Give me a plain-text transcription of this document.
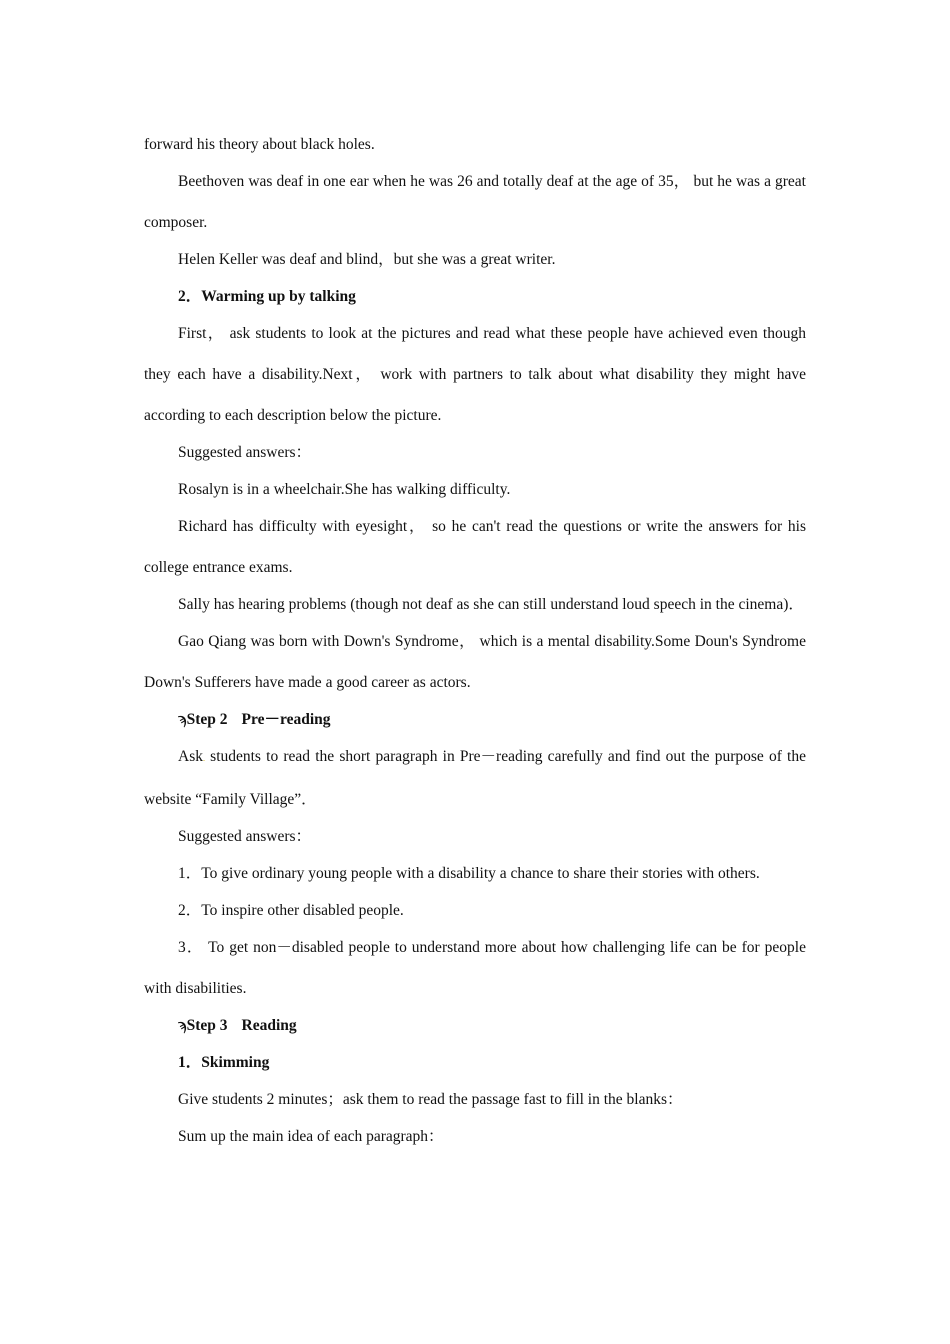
forward his theory about black holes.

Beethoven was deaf in one ear when he was 26 and totally deaf at the age of 35， but he was a great composer.

Helen Keller was deaf and blind，but she was a great writer.

2．Warming up by talking

First， ask students to look at the pictures and read what these people have achieved even though they each have a disability.Next， work with partners to talk about what disability they might have according to each description below the picture.

Suggested answers：

Rosalyn is in a wheelchair.She has walking difficulty.

Richard has difficulty with eyesight， so he can't read the questions or write the answers for his college entrance exams.

Sally has hearing problems (though not deaf as she can still understand loud speech in the cinema)．

Gao Qiang was born with Down's Syndrome， which is a mental disability.Some Doun's Syndrome Down's Sufferers have made a good career as actors.

ϡStep 2 Pre－reading

Ask. students to read the short paragraph in Pre－reading carefully and find out the purpose of the website “Family Village”．

Suggested answers：

1．To give ordinary young people with a disability a chance to share their stories with others.

2．To inspire other disabled people.

3． To get non－disabled people to understand more about how challenging life can be for people with disabilities.

ϡStep 3 Reading

1．Skimming

Give students 2 minutes；ask them to read the passage fast to fill in the blanks：

Sum up the main idea of each paragraph：
